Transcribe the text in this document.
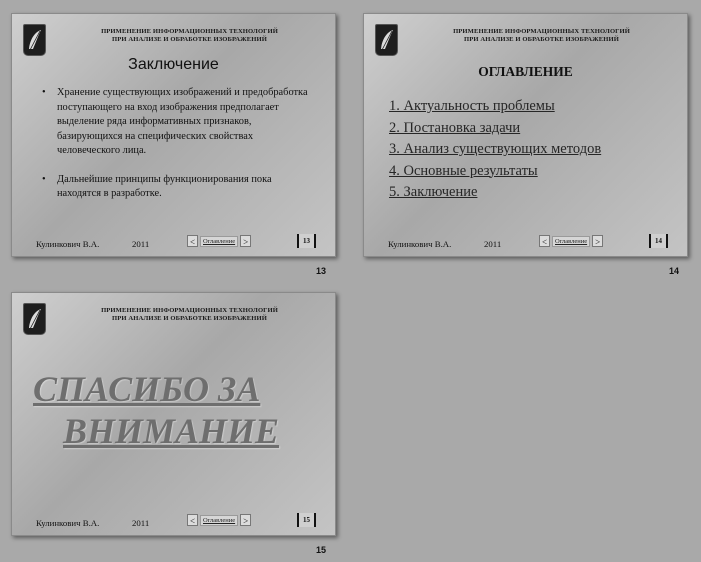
ПРИМЕНЕНИЕ ИНФОРМАЦИОННЫХ ТЕХНОЛОГИЙ
ПРИ АНАЛИЗЕ И ОБРАБОТКЕ ИЗОБРАЖЕНИЙ
Заключение
• Хранение существующих изображений и предобработка поступающего на вход изображения предполагает выделение ряда информативных признаков, базирующихся на специфических свойствах человеческого лица.
• Дальнейшие принципы функционирования пока находятся в разработке.
Кулинкович В.А.	2011	<	Оглавление >	13
13
ПРИМЕНЕНИЕ ИНФОРМАЦИОННЫХ ТЕХНОЛОГИЙ
ПРИ АНАЛИЗЕ И ОБРАБОТКЕ ИЗОБРАЖЕНИЙ
ОГЛАВЛЕНИЕ
1. Актуальность проблемы
2. Постановка задачи
3. Анализ существующих методов
4. Основные результаты
5. Заключение
Кулинкович В.А.	2011	<	Оглавление >	14
14
ПРИМЕНЕНИЕ ИНФОРМАЦИОННЫХ ТЕХНОЛОГИЙ
ПРИ АНАЛИЗЕ И ОБРАБОТКЕ ИЗОБРАЖЕНИЙ
СПАСИБО ЗА
ВНИМАНИЕ
Кулинкович В.А.	2011	<	Оглавление >	15
15
